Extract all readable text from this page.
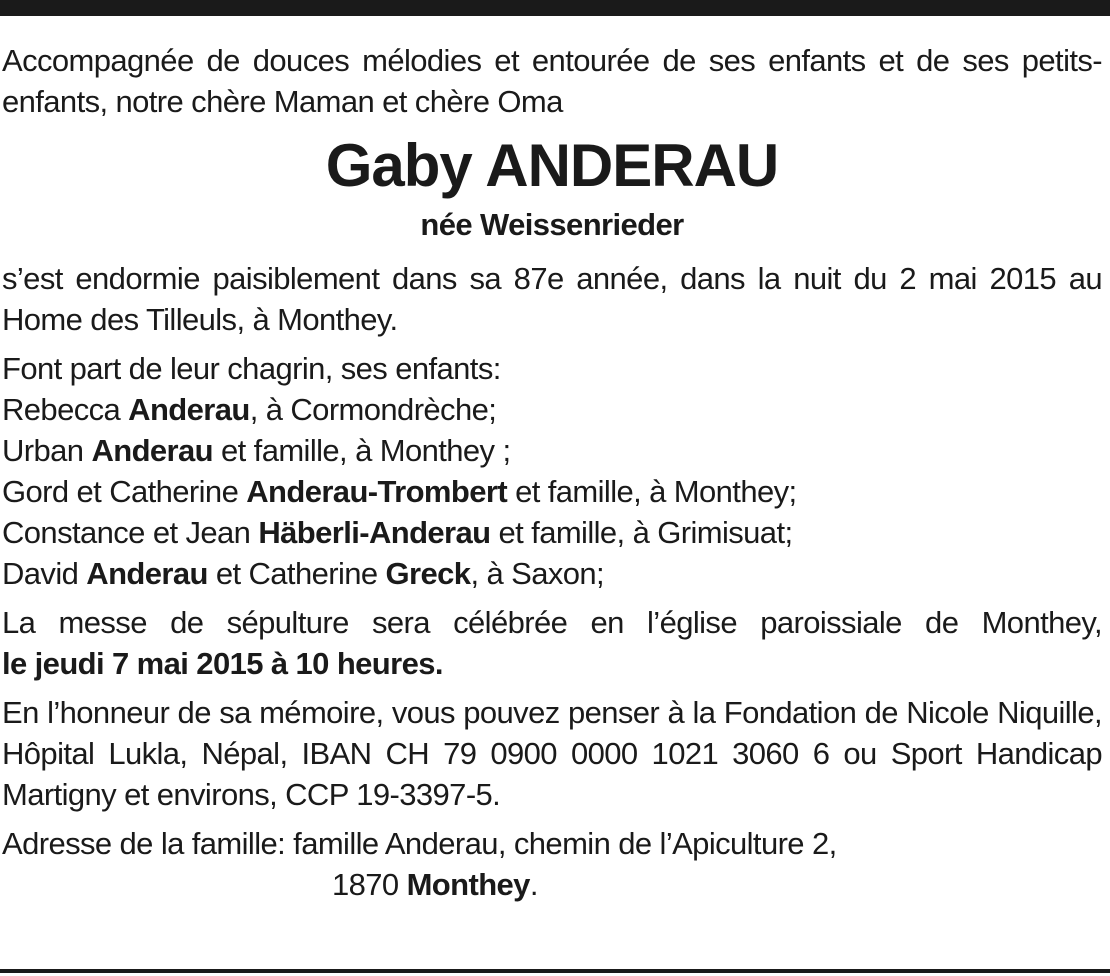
Accompagnée de douces mélodies et entourée de ses enfants et de ses petits-enfants, notre chère Maman et chère Oma

Gaby ANDERAU

née Weissenrieder

s’est endormie paisiblement dans sa 87e année, dans la nuit du 2 mai 2015 au Home des Tilleuls, à Monthey.

Font part de leur chagrin, ses enfants:
Rebecca Anderau, à Cormondrèche;
Urban Anderau et famille, à Monthey ;
Gord et Catherine Anderau-Trombert et famille, à Monthey;
Constance et Jean Häberli-Anderau et famille, à Grimisuat;
David Anderau et Catherine Greck, à Saxon;

La messe de sépulture sera célébrée en l’église paroissiale de Monthey,
le jeudi 7 mai 2015 à 10 heures.

En l’honneur de sa mémoire, vous pouvez penser à la Fondation de Nicole Niquille, Hôpital Lukla, Népal, IBAN CH 79 0900 0000 1021 3060 6 ou Sport Handicap Martigny et environs, CCP 19-3397-5.

Adresse de la famille: famille Anderau, chemin de l’Apiculture 2,
1870 Monthey.
